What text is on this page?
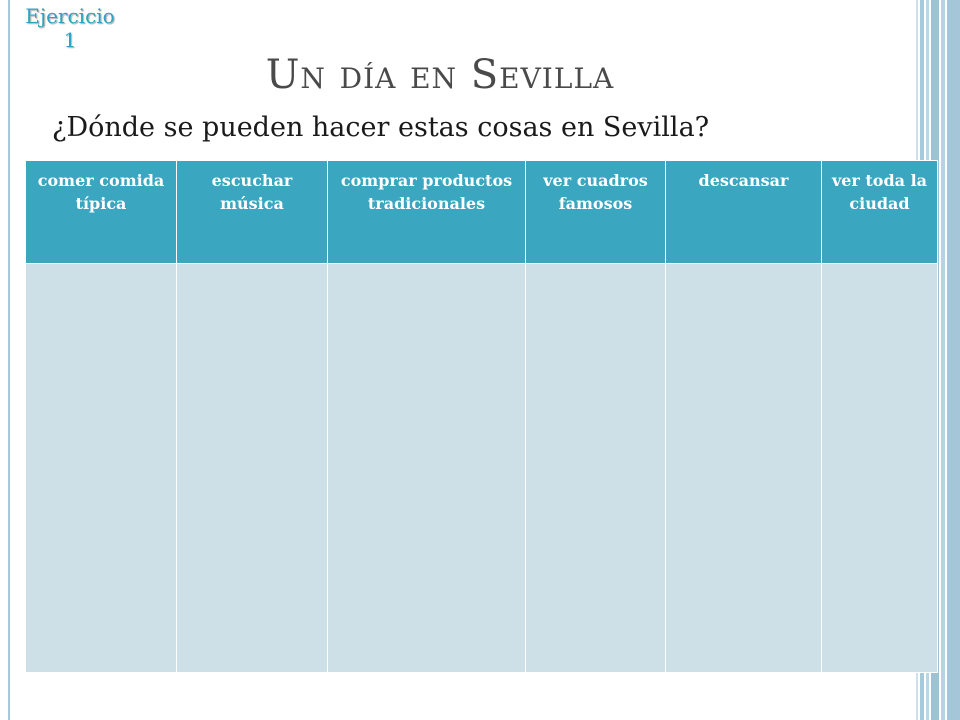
Ejercicio
1
Un día en Sevilla
¿Dónde se pueden hacer estas cosas en Sevilla?
comer comida típica	escuchar música	comprar productos tradicionales	ver cuadros famosos	descansar	ver toda la ciudad
